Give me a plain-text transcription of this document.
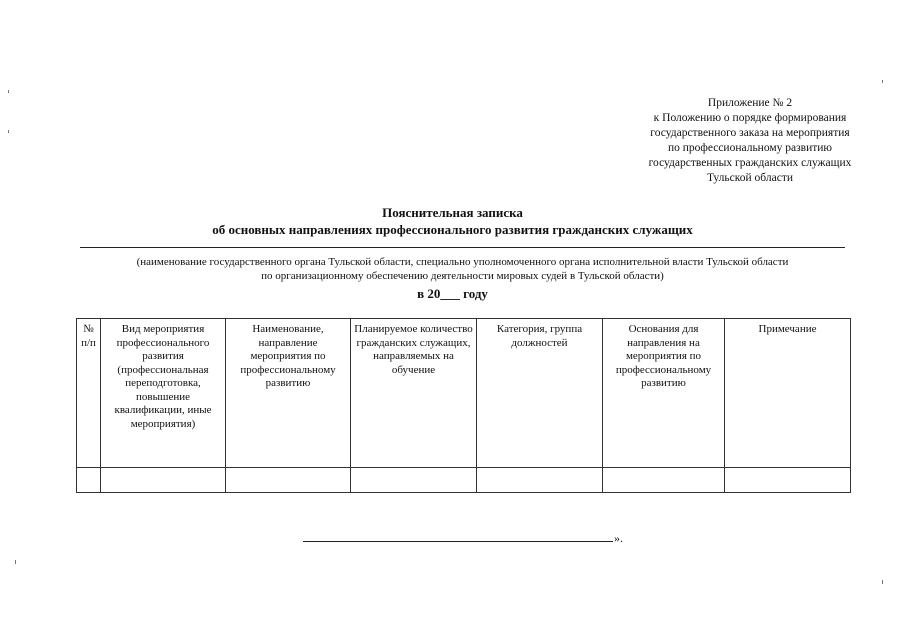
Приложение № 2
к Положению о порядке формирования
государственного заказа на мероприятия
по профессиональному развитию
государственных гражданских служащих
Тульской области
Пояснительная записка
об основных направлениях профессионального развития гражданских служащих
(наименование государственного органа Тульской области, специально уполномоченного органа исполнительной власти Тульской области
по организационному обеспечению деятельности мировых судей в Тульской области)
в 20___ году
№ п/п	Вид мероприятия профессионального развития (профессиональная переподготовка, повышение квалификации, иные мероприятия)	Наименование, направление мероприятия по профессиональному развитию	Планируемое количество гражданских служащих, направляемых на обучение	Категория, группа должностей	Основания для направления на мероприятия по профессиональному развитию	Примечание

».
